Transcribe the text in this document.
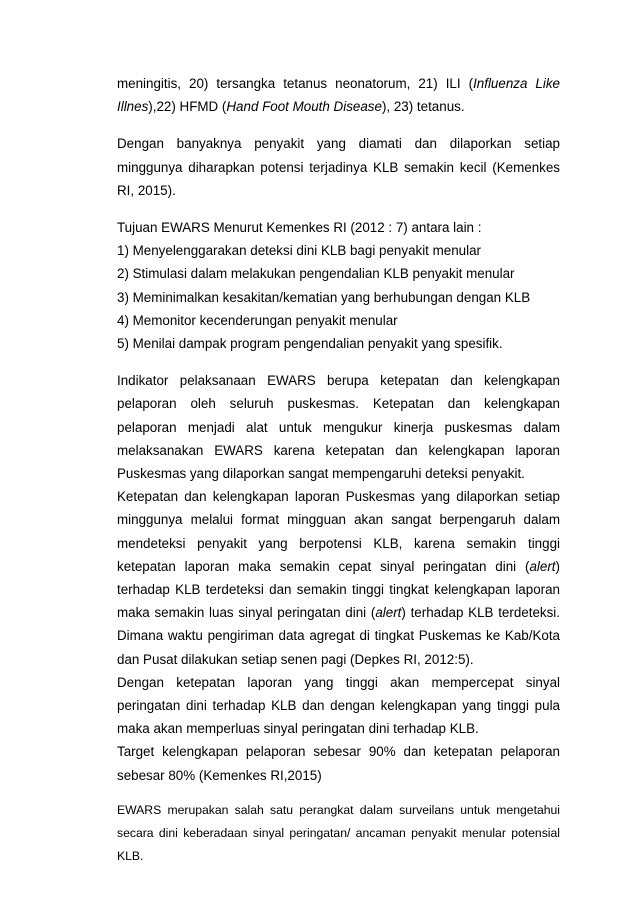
meningitis, 20) tersangka tetanus neonatorum, 21) ILI (Influenza Like Illnes),22) HFMD (Hand Foot Mouth Disease), 23) tetanus.

Dengan banyaknya penyakit yang diamati dan dilaporkan setiap minggunya diharapkan potensi terjadinya KLB semakin kecil (Kemenkes RI, 2015).

Tujuan EWARS Menurut Kemenkes RI (2012 : 7) antara lain :

1) Menyelenggarakan deteksi dini KLB bagi penyakit menular

2) Stimulasi dalam melakukan pengendalian KLB penyakit menular

3) Meminimalkan kesakitan/kematian yang berhubungan dengan KLB

4) Memonitor kecenderungan penyakit menular

5) Menilai dampak program pengendalian penyakit yang spesifik.

Indikator pelaksanaan EWARS berupa ketepatan dan kelengkapan pelaporan oleh seluruh puskesmas. Ketepatan dan kelengkapan pelaporan menjadi alat untuk mengukur kinerja puskesmas dalam melaksanakan EWARS karena ketepatan dan kelengkapan laporan Puskesmas yang dilaporkan sangat mempengaruhi deteksi penyakit.

Ketepatan dan kelengkapan laporan Puskesmas yang dilaporkan setiap minggunya melalui format mingguan akan sangat berpengaruh dalam mendeteksi penyakit yang berpotensi KLB, karena semakin tinggi ketepatan laporan maka semakin cepat sinyal peringatan dini (alert) terhadap KLB terdeteksi dan semakin tinggi tingkat kelengkapan laporan maka semakin luas sinyal peringatan dini (alert) terhadap KLB terdeteksi. Dimana waktu pengiriman data agregat di tingkat Puskemas ke Kab/Kota dan Pusat dilakukan setiap senen pagi (Depkes RI, 2012:5).

Dengan ketepatan laporan yang tinggi akan mempercepat sinyal peringatan dini terhadap KLB dan dengan kelengkapan yang tinggi pula maka akan memperluas sinyal peringatan dini terhadap KLB.

Target kelengkapan pelaporan sebesar 90% dan ketepatan pelaporan sebesar 80% (Kemenkes RI,2015)

EWARS merupakan salah satu perangkat dalam surveilans untuk mengetahui secara dini keberadaan sinyal peringatan/ ancaman penyakit menular potensial KLB.
